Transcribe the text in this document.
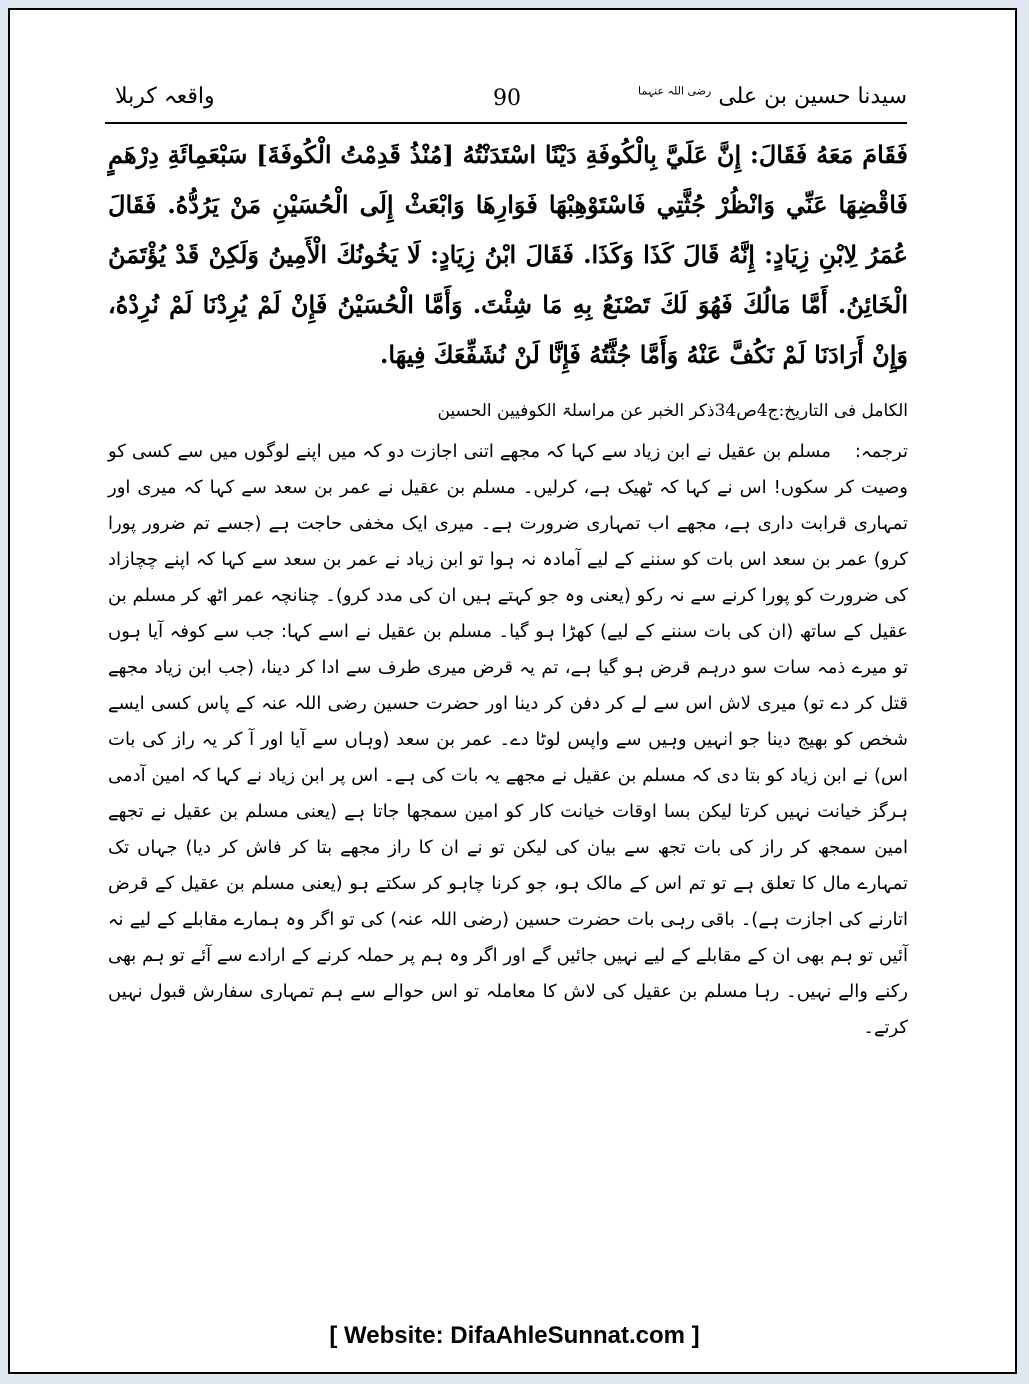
سیدنا حسین بن علی $^{رضی اللہ عنہما}$
90
واقعہ کربلا
فَقَامَ مَعَهُ فَقَالَ: إِنَّ عَلَيَّ بِالْكُوفَةِ دَيْنًا اسْتَدَنْتُهُ [مُنْذُ قَدِمْتُ الْكُوفَةَ] سَبْعَمِائَةِ دِرْهَمٍ فَاقْضِهَا عَنِّي وَانْظُرْ جُثَّتِي فَاسْتَوْهِبْهَا فَوَارِهَا وَابْعَثْ إِلَى الْحُسَيْنِ مَنْ يَرُدُّهُ. فَقَالَ عُمَرُ لِابْنِ زِيَادٍ: إِنَّهُ قَالَ كَذَا وَكَذَا. فَقَالَ ابْنُ زِيَادٍ: لَا يَخُونُكَ الْأَمِينُ وَلَكِنْ قَدْ يُؤْتَمَنُ الْخَائِنُ. أَمَّا مَالُكَ فَهُوَ لَكَ تَصْنَعُ بِهِ مَا شِئْتَ. وَأَمَّا الْحُسَيْنُ فَإِنْ لَمْ يُرِدْنَا لَمْ نُرِدْهُ، وَإِنْ أَرَادَنَا لَمْ نَكُفَّ عَنْهُ وَأَمَّا جُثَّتُهُ فَإِنَّا لَنْ نُشَفِّعَكَ فِيهَا.
الکامل فی التاریخ:ج4ص34ذکر الخبر عن مراسلۃ الکوفیین الحسین
ترجمہ: مسلم بن عقیل نے ابن زیاد سے کہا کہ مجھے اتنی اجازت دو کہ میں اپنے لوگوں میں سے کسی کو وصیت کر سکوں! اس نے کہا کہ ٹھیک ہے، کرلیں۔ مسلم بن عقیل نے عمر بن سعد سے کہا کہ میری اور تمہاری قرابت داری ہے، مجھے اب تمہاری ضرورت ہے۔ میری ایک مخفی حاجت ہے (جسے تم ضرور پورا کرو) عمر بن سعد اس بات کو سننے کے لیے آمادہ نہ ہوا تو ابن زیاد نے عمر بن سعد سے کہا کہ اپنے چچازاد کی ضرورت کو پورا کرنے سے نہ رکو (یعنی وہ جو کہتے ہیں ان کی مدد کرو)۔ چنانچہ عمر اٹھ کر مسلم بن عقیل کے ساتھ (ان کی بات سننے کے لیے) کھڑا ہو گیا۔ مسلم بن عقیل نے اسے کہا: جب سے کوفہ آیا ہوں تو میرے ذمہ سات سو درہم قرض ہو گیا ہے، تم یہ قرض میری طرف سے ادا کر دینا، (جب ابن زیاد مجھے قتل کر دے تو) میری لاش اس سے لے کر دفن کر دینا اور حضرت حسین رضی اللہ عنہ کے پاس کسی ایسے شخص کو بھیج دینا جو انہیں وہیں سے واپس لوٹا دے۔ عمر بن سعد (وہاں سے آیا اور آ کر یہ راز کی بات اس) نے ابن زیاد کو بتا دی کہ مسلم بن عقیل نے مجھے یہ بات کی ہے۔ اس پر ابن زیاد نے کہا کہ امین آدمی ہرگز خیانت نہیں کرتا لیکن بسا اوقات خیانت کار کو امین سمجھا جاتا ہے (یعنی مسلم بن عقیل نے تجھے امین سمجھ کر راز کی بات تجھ سے بیان کی لیکن تو نے ان کا راز مجھے بتا کر فاش کر دیا) جہاں تک تمہارے مال کا تعلق ہے تو تم اس کے مالک ہو، جو کرنا چاہو کر سکتے ہو (یعنی مسلم بن عقیل کے قرض اتارنے کی اجازت ہے)۔ باقی رہی بات حضرت حسین (رضی اللہ عنہ) کی تو اگر وہ ہمارے مقابلے کے لیے نہ آئیں تو ہم بھی ان کے مقابلے کے لیے نہیں جائیں گے اور اگر وہ ہم پر حملہ کرنے کے ارادے سے آئے تو ہم بھی رکنے والے نہیں۔ رہا مسلم بن عقیل کی لاش کا معاملہ تو اس حوالے سے ہم تمہاری سفارش قبول نہیں کرتے۔
[ Website: DifaAhleSunnat.com ]
